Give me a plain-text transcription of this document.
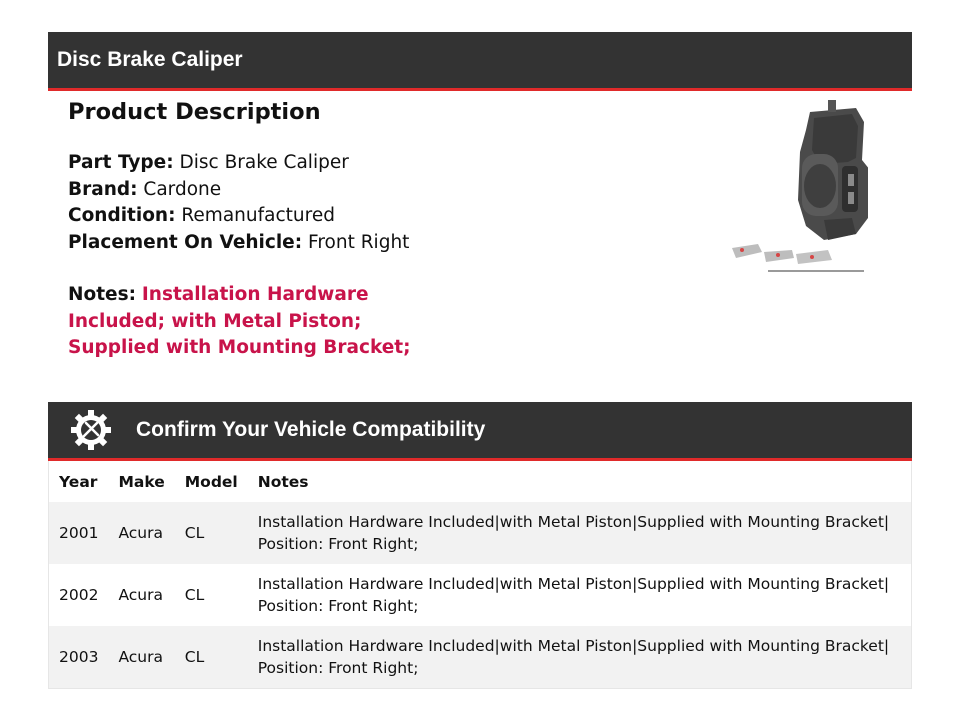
Disc Brake Caliper
Product Description
Part Type: Disc Brake Caliper
Brand: Cardone
Condition: Remanufactured
Placement On Vehicle: Front Right
Notes: Installation Hardware Included; with Metal Piston; Supplied with Mounting Bracket;
Confirm Your Vehicle Compatibility
Year	Make	Model	Notes
2001	Acura	CL	Installation Hardware Included|with Metal Piston|Supplied with Mounting Bracket| Position: Front Right;
2002	Acura	CL	Installation Hardware Included|with Metal Piston|Supplied with Mounting Bracket| Position: Front Right;
2003	Acura	CL	Installation Hardware Included|with Metal Piston|Supplied with Mounting Bracket| Position: Front Right;
